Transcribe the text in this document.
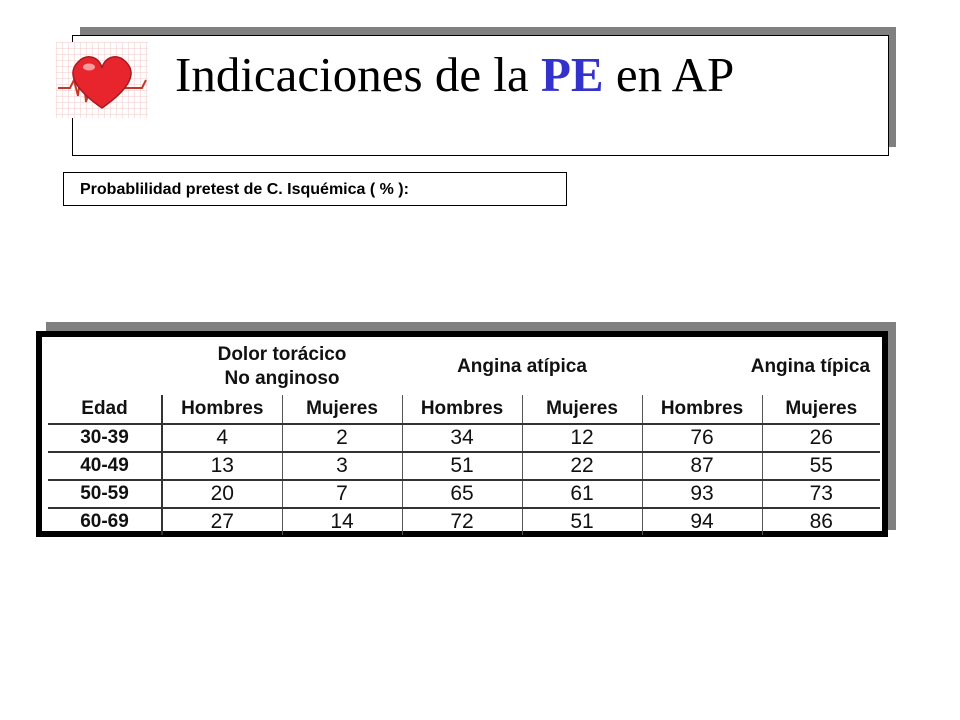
Indicaciones de la PE en AP
Probablilidad pretest de C. Isquémica ( % ):

	Dolor torácico
No anginoso		Angina atípica		Angina típica	

Edad	Hombres	Mujeres	Hombres	Mujeres	Hombres	Mujeres
30-39	4	2	34	12	76	26
40-49	13	3	51	22	87	55
50-59	20	7	65	61	93	73
60-69	27	14	72	51	94	86
